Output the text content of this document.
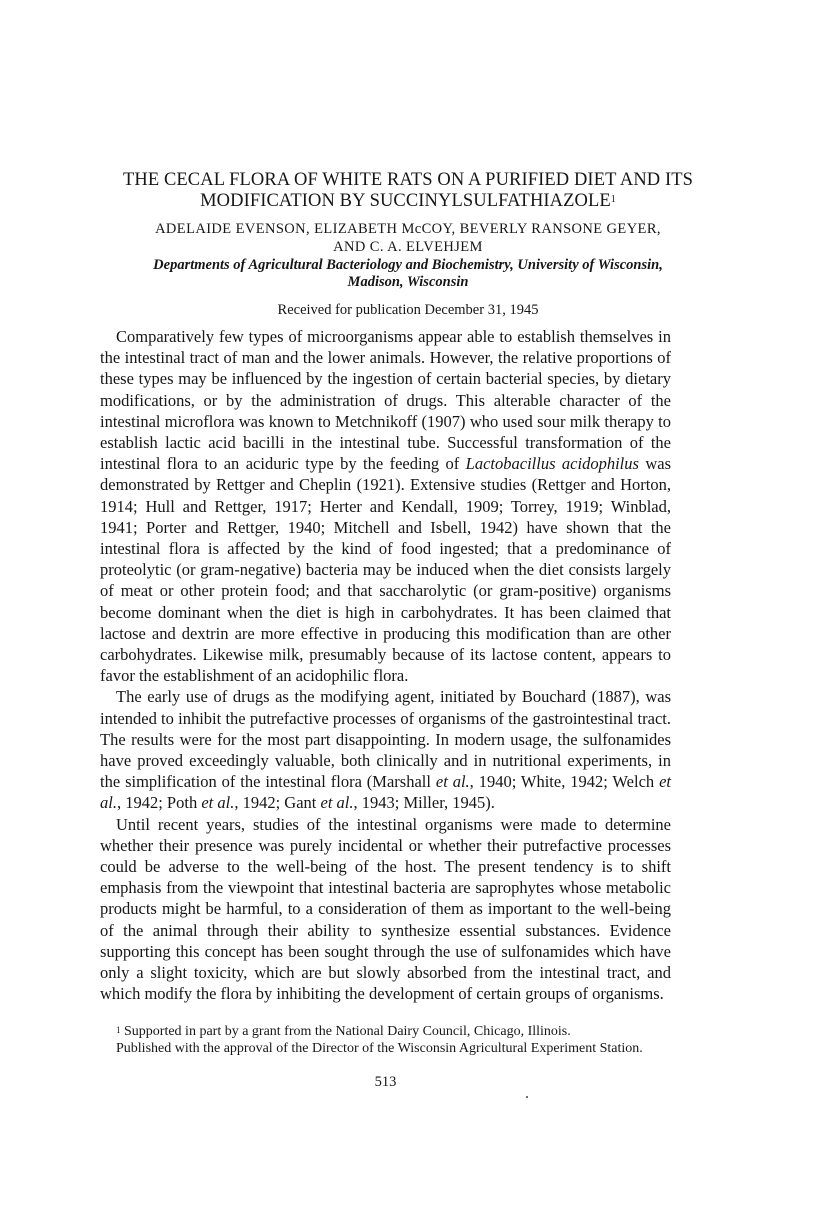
THE CECAL FLORA OF WHITE RATS ON A PURIFIED DIET AND ITS
MODIFICATION BY SUCCINYLSULFATHIAZOLE$^1$
ADELAIDE EVENSON, ELIZABETH McCOY, BEVERLY RANSONE GEYER,
AND C. A. ELVEHJEM
Departments of Agricultural Bacteriology and Biochemistry, University of Wisconsin,
Madison, Wisconsin
Received for publication December 31, 1945

Comparatively few types of microorganisms appear able to establish themselves in the intestinal tract of man and the lower animals. However, the relative proportions of these types may be influenced by the ingestion of certain bacterial species, by dietary modifications, or by the administration of drugs. This alterable character of the intestinal microflora was known to Metchnikoff (1907) who used sour milk therapy to establish lactic acid bacilli in the intestinal tube. Successful transformation of the intestinal flora to an aciduric type by the feeding of Lactobacillus acidophilus was demonstrated by Rettger and Cheplin (1921). Extensive studies (Rettger and Horton, 1914; Hull and Rettger, 1917; Herter and Kendall, 1909; Torrey, 1919; Winblad, 1941; Porter and Rettger, 1940; Mitchell and Isbell, 1942) have shown that the intestinal flora is affected by the kind of food ingested; that a predominance of proteolytic (or gram-negative) bacteria may be induced when the diet consists largely of meat or other protein food; and that saccharolytic (or gram-positive) organisms become dominant when the diet is high in carbohydrates. It has been claimed that lactose and dextrin are more effective in producing this modification than are other carbohydrates. Likewise milk, presumably because of its lactose content, appears to favor the establishment of an acidophilic flora.

The early use of drugs as the modifying agent, initiated by Bouchard (1887), was intended to inhibit the putrefactive processes of organisms of the gastrointestinal tract. The results were for the most part disappointing. In modern usage, the sulfonamides have proved exceedingly valuable, both clinically and in nutritional experiments, in the simplification of the intestinal flora (Marshall et al., 1940; White, 1942; Welch et al., 1942; Poth et al., 1942; Gant et al., 1943; Miller, 1945).

Until recent years, studies of the intestinal organisms were made to determine whether their presence was purely incidental or whether their putrefactive processes could be adverse to the well-being of the host. The present tendency is to shift emphasis from the viewpoint that intestinal bacteria are saprophytes whose metabolic products might be harmful, to a consideration of them as important to the well-being of the animal through their ability to synthesize essential substances. Evidence supporting this concept has been sought through the use of sulfonamides which have only a slight toxicity, which are but slowly absorbed from the intestinal tract, and which modify the flora by inhibiting the development of certain groups of organisms.

$^1$ Supported in part by a grant from the National Dairy Council, Chicago, Illinois.

Published with the approval of the Director of the Wisconsin Agricultural Experiment Station.

513
